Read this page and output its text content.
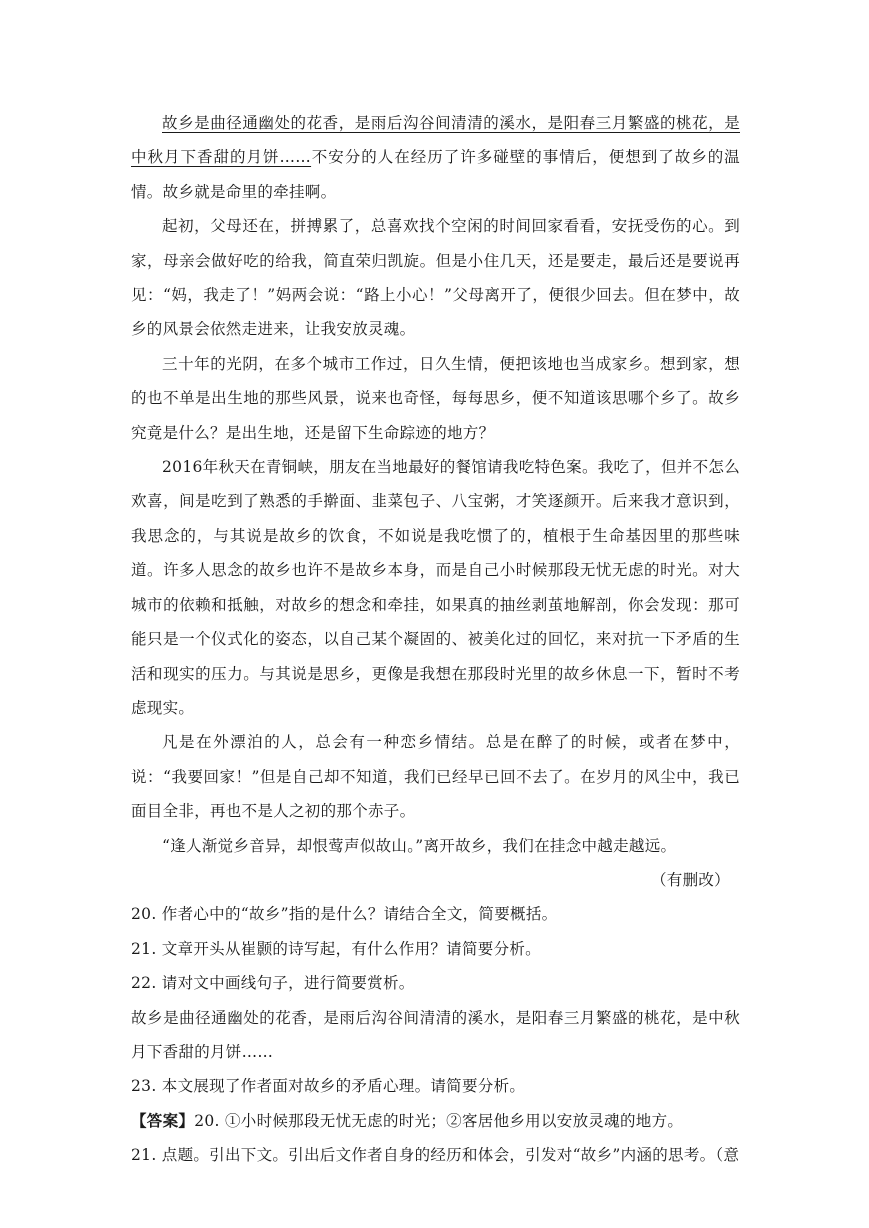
故乡是曲径通幽处的花香，是雨后沟谷间清清的溪水，是阳春三月繁盛的桃花，是中秋月下香甜的月饼……不安分的人在经历了许多碰壁的事情后，便想到了故乡的温情。故乡就是命里的牵挂啊。

起初，父母还在，拼搏累了，总喜欢找个空闲的时间回家看看，安抚受伤的心。到家，母亲会做好吃的给我，简直荣归凯旋。但是小住几天，还是要走，最后还是要说再见：“妈，我走了！”妈两会说：“路上小心！”父母离开了，便很少回去。但在梦中，故乡的风景会依然走进来，让我安放灵魂。

三十年的光阴，在多个城市工作过，日久生情，便把该地也当成家乡。想到家，想的也不单是出生地的那些风景，说来也奇怪，每每思乡，便不知道该思哪个乡了。故乡究竟是什么？是出生地，还是留下生命踪迹的地方？

2016年秋天在青铜峡，朋友在当地最好的餐馆请我吃特色案。我吃了，但并不怎么欢喜，间是吃到了熟悉的手擀面、韭菜包子、八宝粥，才笑逐颜开。后来我才意识到，我思念的，与其说是故乡的饮食，不如说是我吃惯了的，植根于生命基因里的那些味道。许多人思念的故乡也许不是故乡本身，而是自己小时候那段无忧无虑的时光。对大城市的依赖和抵触，对故乡的想念和牵挂，如果真的抽丝剥茧地解剖，你会发现：那可能只是一个仪式化的姿态，以自己某个凝固的、被美化过的回忆，来对抗一下矛盾的生活和现实的压力。与其说是思乡，更像是我想在那段时光里的故乡休息一下，暂时不考虑现实。

凡是在外漂泊的人，总会有一种恋乡情结。总是在醉了的时候，或者在梦中，说：“我要回家！”但是自己却不知道，我们已经早已回不去了。在岁月的风尘中，我已面目全非，再也不是人之初的那个赤子。

“逢人渐觉乡音异，却恨莺声似故山。”离开故乡，我们在挂念中越走越远。

（有删改）

20. 作者心中的“故乡”指的是什么？请结合全文，简要概括。

21. 文章开头从崔颢的诗写起，有什么作用？请简要分析。

22. 请对文中画线句子，进行简要赏析。

故乡是曲径通幽处的花香，是雨后沟谷间清清的溪水，是阳春三月繁盛的桃花，是中秋月下香甜的月饼……

23. 本文展现了作者面对故乡的矛盾心理。请简要分析。

【答案】20. ①小时候那段无忧无虑的时光；②客居他乡用以安放灵魂的地方。

21. 点题。引出下文。引出后文作者自身的经历和体会，引发对“故乡”内涵的思考。（意
